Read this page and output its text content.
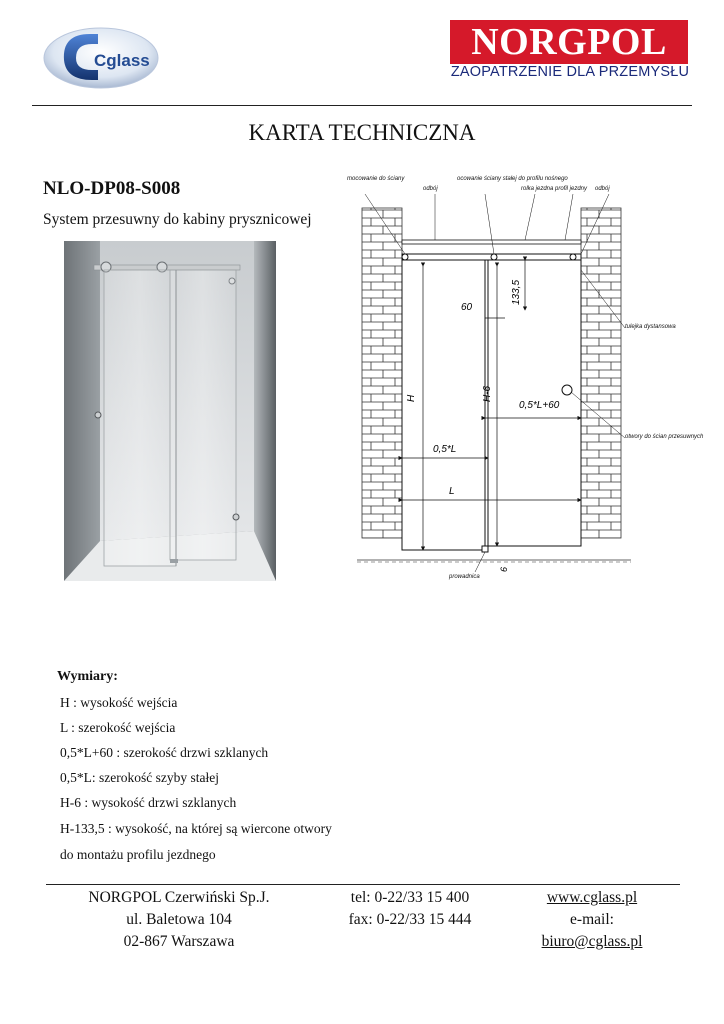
Cglass	NORGPOL
ZAOPATRZENIE DLA PRZEMYSŁU
KARTA TECHNICZNA
NLO-DP08-S008
System przesuwny do kabiny prysznicowej
H	H-6
133,5
60
0,5*L+60
0,5*L
L
6
mocowanie do ściany
odbój
ocowanie ściany stałej do profilu nośnego
rolka jezdna profil jezdny odbój
tulejka dystansowa
otwory do ścian przesuwnych
prowadnica
Wymiary:
H : wysokość wejścia
L : szerokość wejścia
0,5*L+60 : szerokość drzwi szklanych
0,5*L: szerokość szyby stałej
H-6 : wysokość drzwi szklanych
H-133,5 : wysokość, na której są wiercone otwory
do montażu profilu jezdnego
NORGPOL Czerwiński Sp.J.
ul. Baletowa 104
02-867 Warszawa
tel: 0-22/33 15 400
fax: 0-22/33 15 444
www.cglass.pl
e-mail:
biuro@cglass.pl
